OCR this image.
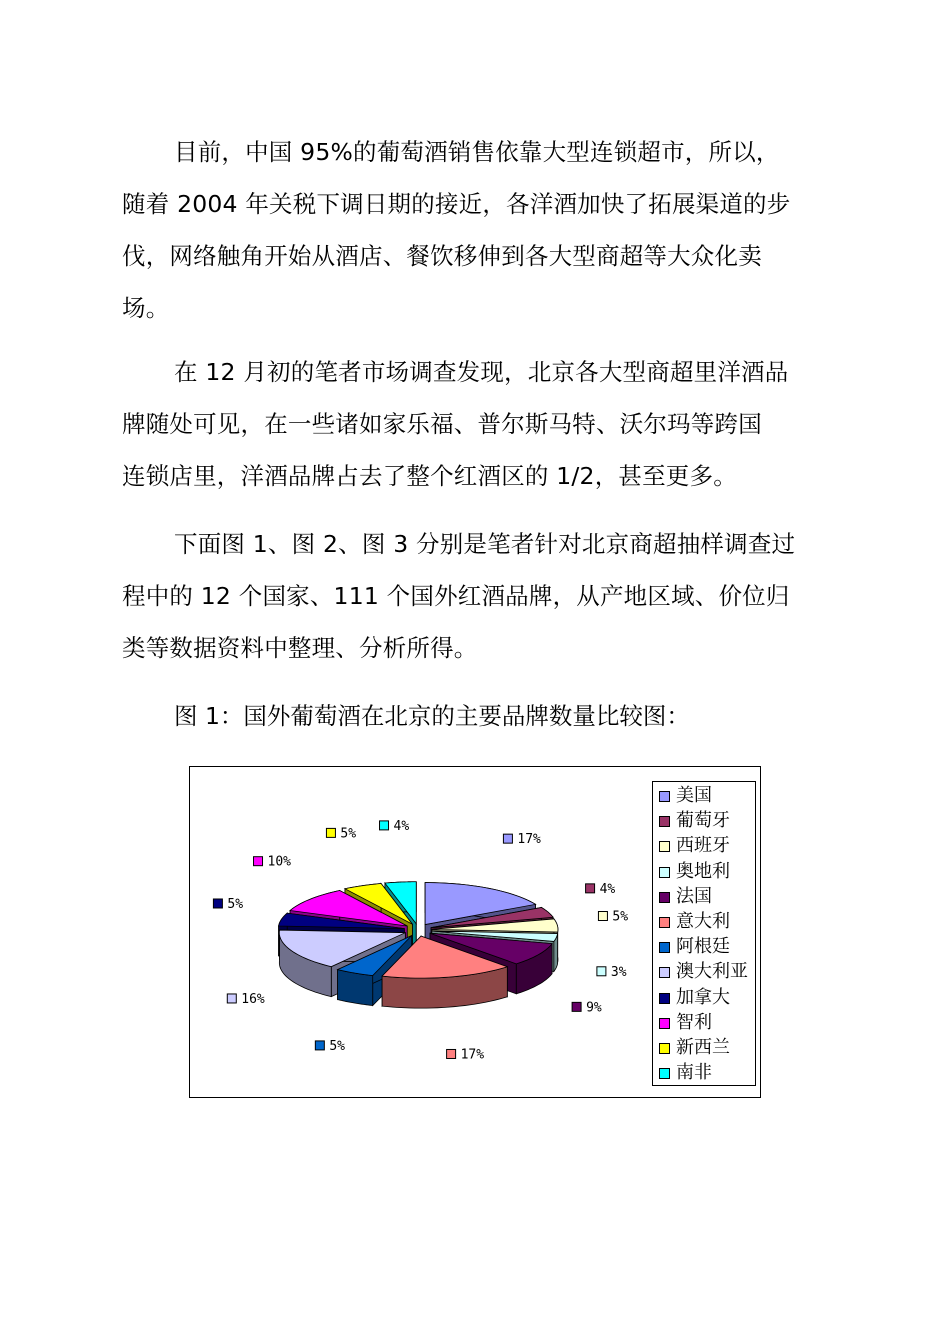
目前，中国 95%的葡萄酒销售依靠大型连锁超市，所以，
随着 2004 年关税下调日期的接近，各洋酒加快了拓展渠道的步
伐，网络触角开始从酒店、餐饮移伸到各大型商超等大众化卖
场。
在 12 月初的笔者市场调查发现，北京各大型商超里洋酒品
牌随处可见，在一些诸如家乐福、普尔斯马特、沃尔玛等跨国
连锁店里，洋酒品牌占去了整个红酒区的 1/2，甚至更多。
下面图 1、图 2、图 3 分别是笔者针对北京商超抽样调查过
程中的 12 个国家、111 个国外红酒品牌，从产地区域、价位归
类等数据资料中整理、分析所得。
图 1：国外葡萄酒在北京的主要品牌数量比较图：
17%
4%
5%
3%
9%
17%
5%
16%
5%
10%
5%
4%
美国
葡萄牙
西班牙
奥地利
法国
意大利
阿根廷
澳大利亚
加拿大
智利
新西兰
南非
